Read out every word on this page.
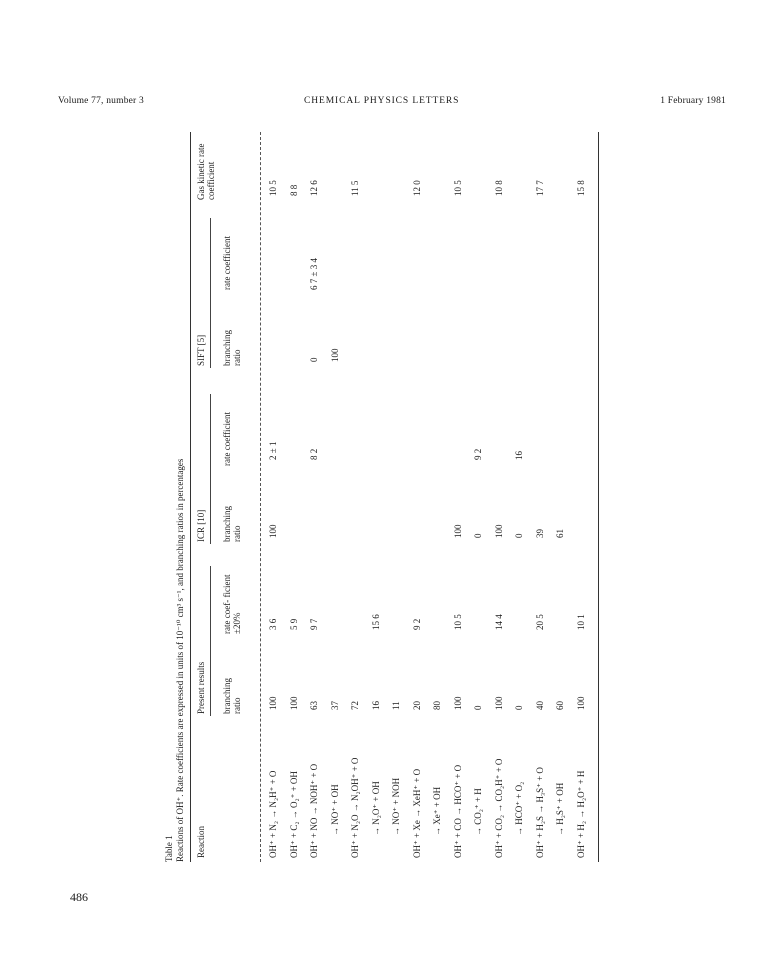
Volume 77, number 3	CHEMICAL PHYSICS LETTERS	1 February 1981
Table 1 Reactions of OH⁺. Rate coefficients are expressed in units of 10⁻¹⁰ cm³ s⁻¹, and branching ratios in percentages Reaction
Present results
ICR [10]
SIFT [5]
Gas kinetic rate coefficient
branching ratio
rate coef- ficient ±20%
branching ratio
rate coefficient
branching ratio
rate coefficient
OH⁺ + N₂ → N₂H⁺ + O
100
3 6
100
2 ± 1
10 5
OH⁺ + C₂ → O₂⁺ + OH
100
5 9
8 8
OH⁺ + NO → NOH⁺ + O
63
9 7
8 2
0
6 7 ± 3 4
12 6
→ NO⁺ + OH
37
100
OH⁺ + N₂O → N₂OH⁺ + O
72
11 5
→ N₂O⁺ + OH
16
15 6
→ NO⁺ + NOH
11
OH⁺ + Xe → XeH⁺ + O
20
9 2
12 0
→ Xe⁺ + OH
80
OH⁺ + CO → HCO⁺ + O
100
10 5
100
10 5
→ CO₂⁺ + H
0
0
9 2
OH⁺ + CO₂ → CO₂H⁺ + O
100
14 4
100
10 8
→ HCO⁺ + O₂
0
0
16
OH⁺ + H₂S → H₃S⁺ + O
40
20 5
39
17 7
→ H₂S⁺ + OH
60
61
OH⁺ + H₂ → H₂O⁺ + H
100
10 1
15 8
486
